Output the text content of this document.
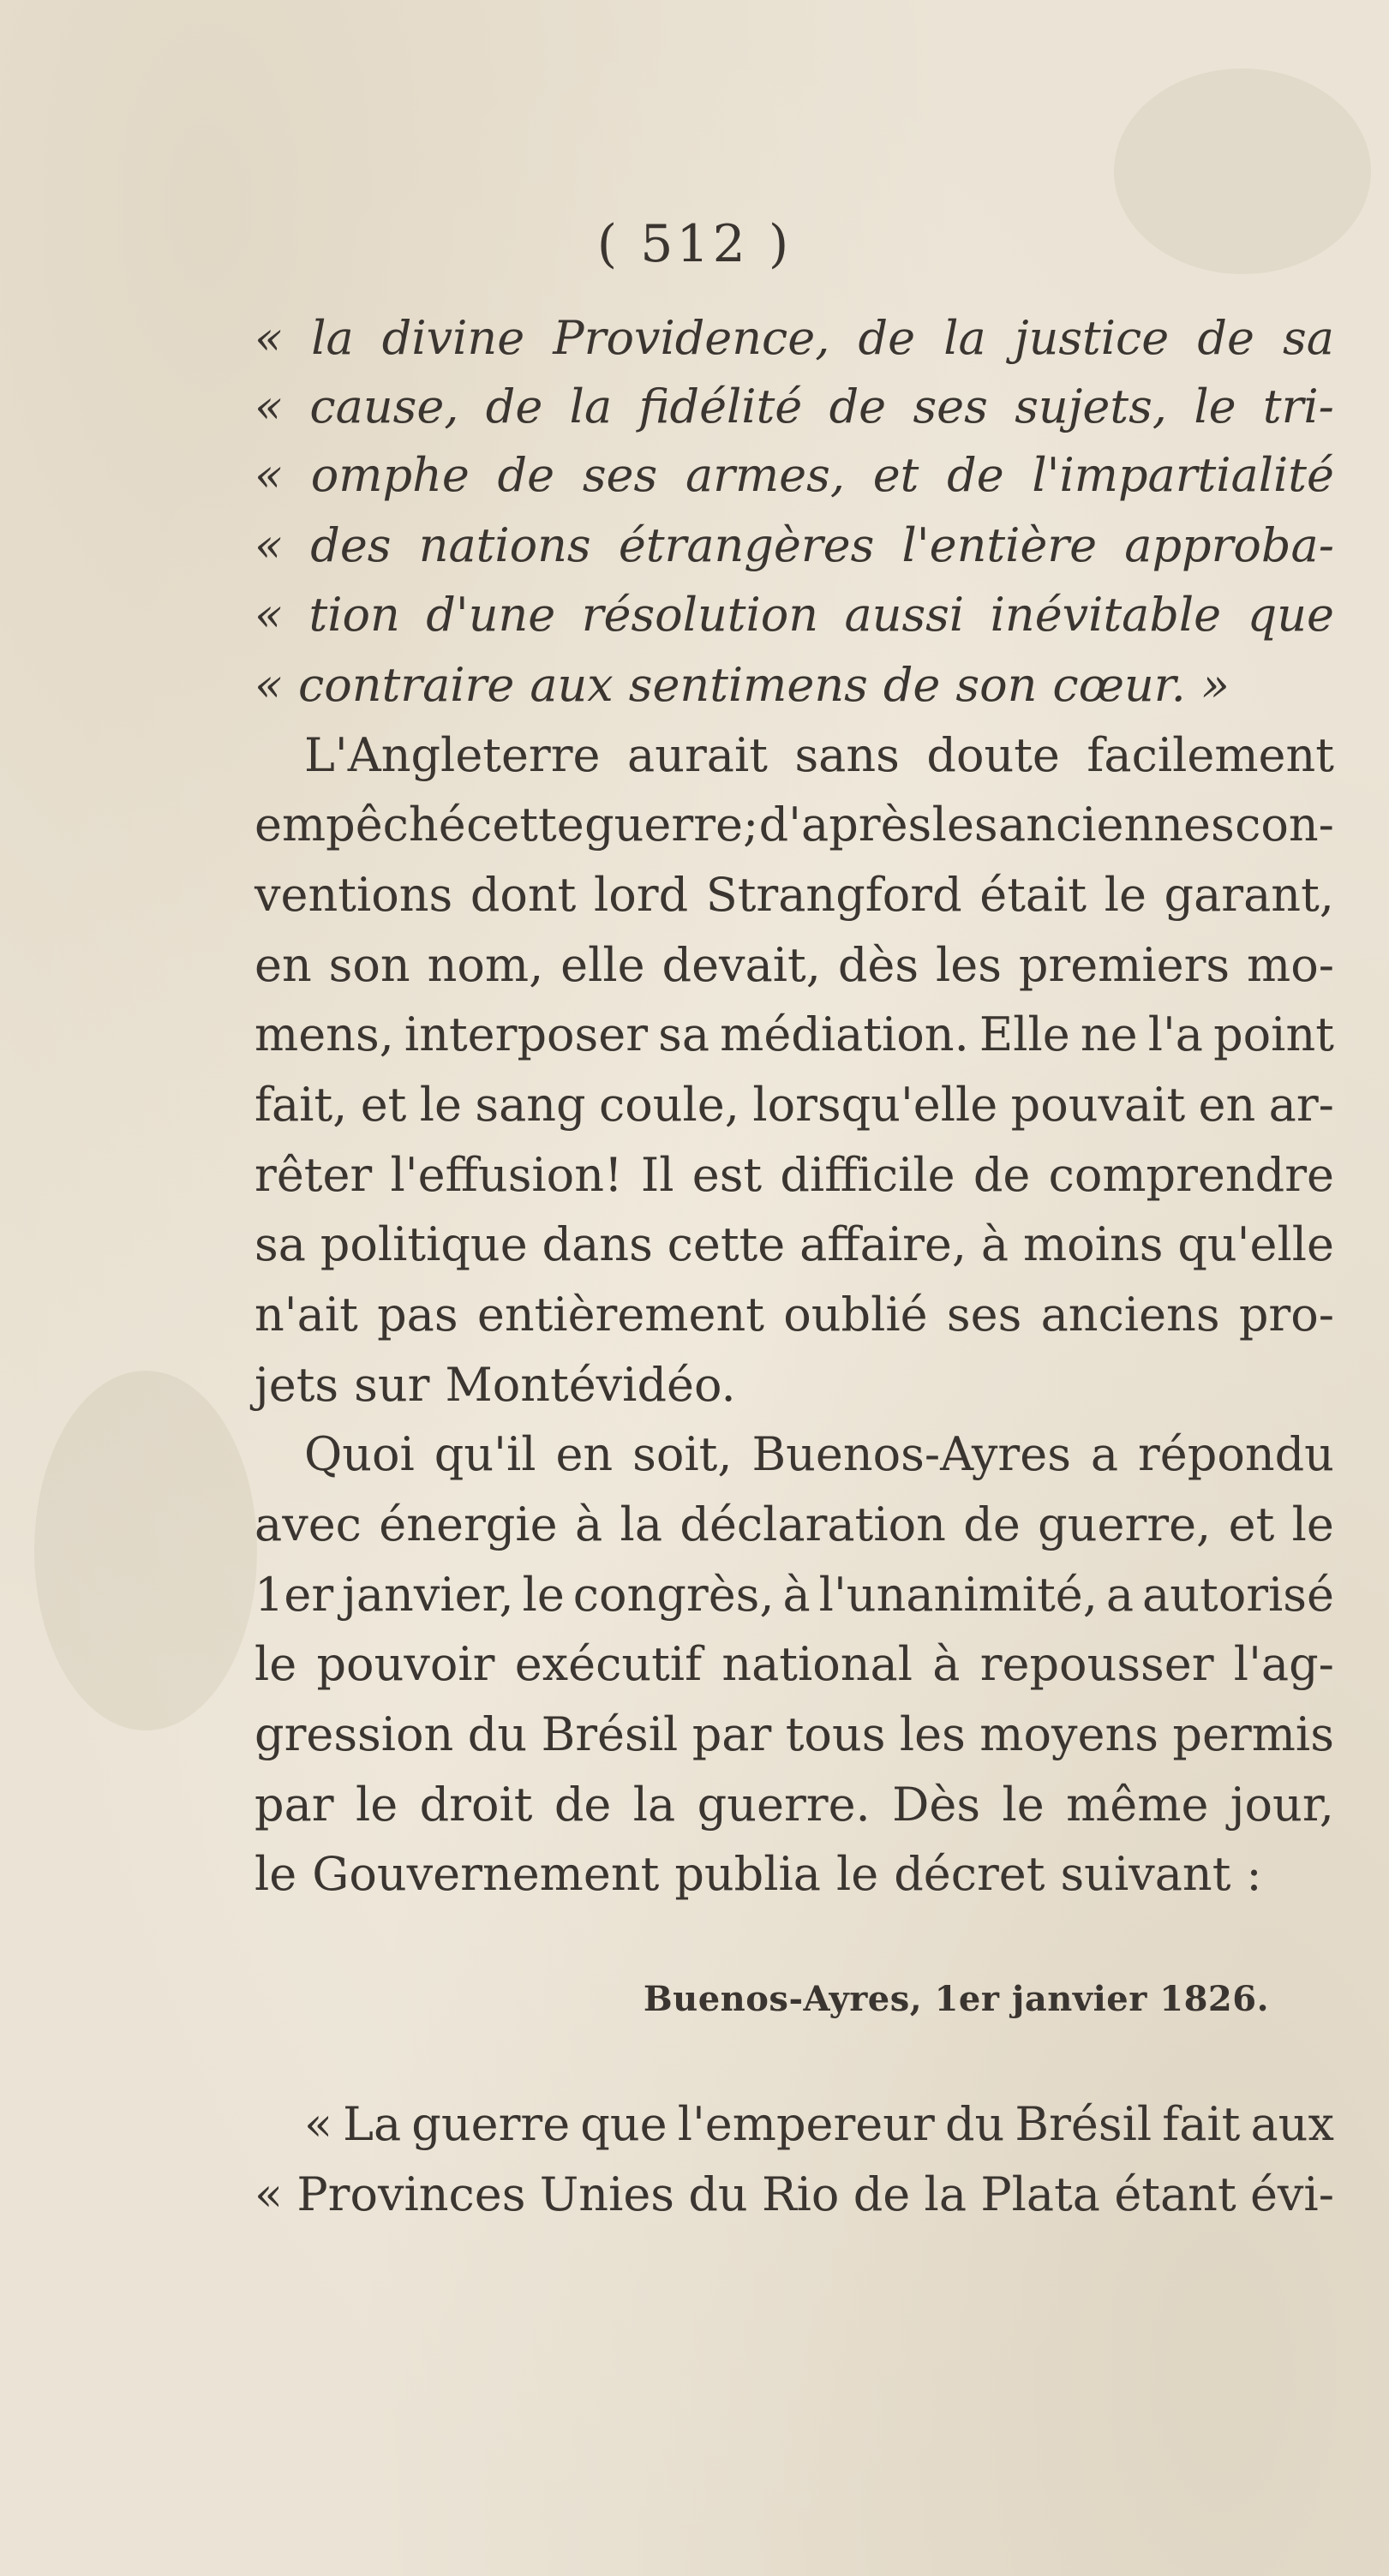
( 512 )
« la divine Providence, de la justice de sa
« cause, de la fidélité de ses sujets, le tri-
« omphe de ses armes, et de l'impartialité
« des nations étrangères l'entière approba-
« tion d'une résolution aussi inévitable que
« contraire aux sentimens de son cœur. »
L'Angleterre aurait sans doute facilement
empêché cette guerre; d'après les anciennes con-
ventions dont lord Strangford était le garant,
en son nom, elle devait, dès les premiers mo-
mens, interposer sa médiation. Elle ne l'a point
fait, et le sang coule, lorsqu'elle pouvait en ar-
rêter l'effusion! Il est difficile de comprendre
sa politique dans cette affaire, à moins qu'elle
n'ait pas entièrement oublié ses anciens pro-
jets sur Montévidéo.
Quoi qu'il en soit, Buenos-Ayres a répondu
avec énergie à la déclaration de guerre, et le
1er janvier, le congrès, à l'unanimité, a autorisé
le pouvoir exécutif national à repousser l'ag-
gression du Brésil par tous les moyens permis
par le droit de la guerre. Dès le même jour,
le Gouvernement publia le décret suivant :
Buenos-Ayres, 1er janvier 1826.
« La guerre que l'empereur du Brésil fait aux
« Provinces Unies du Rio de la Plata étant évi-
